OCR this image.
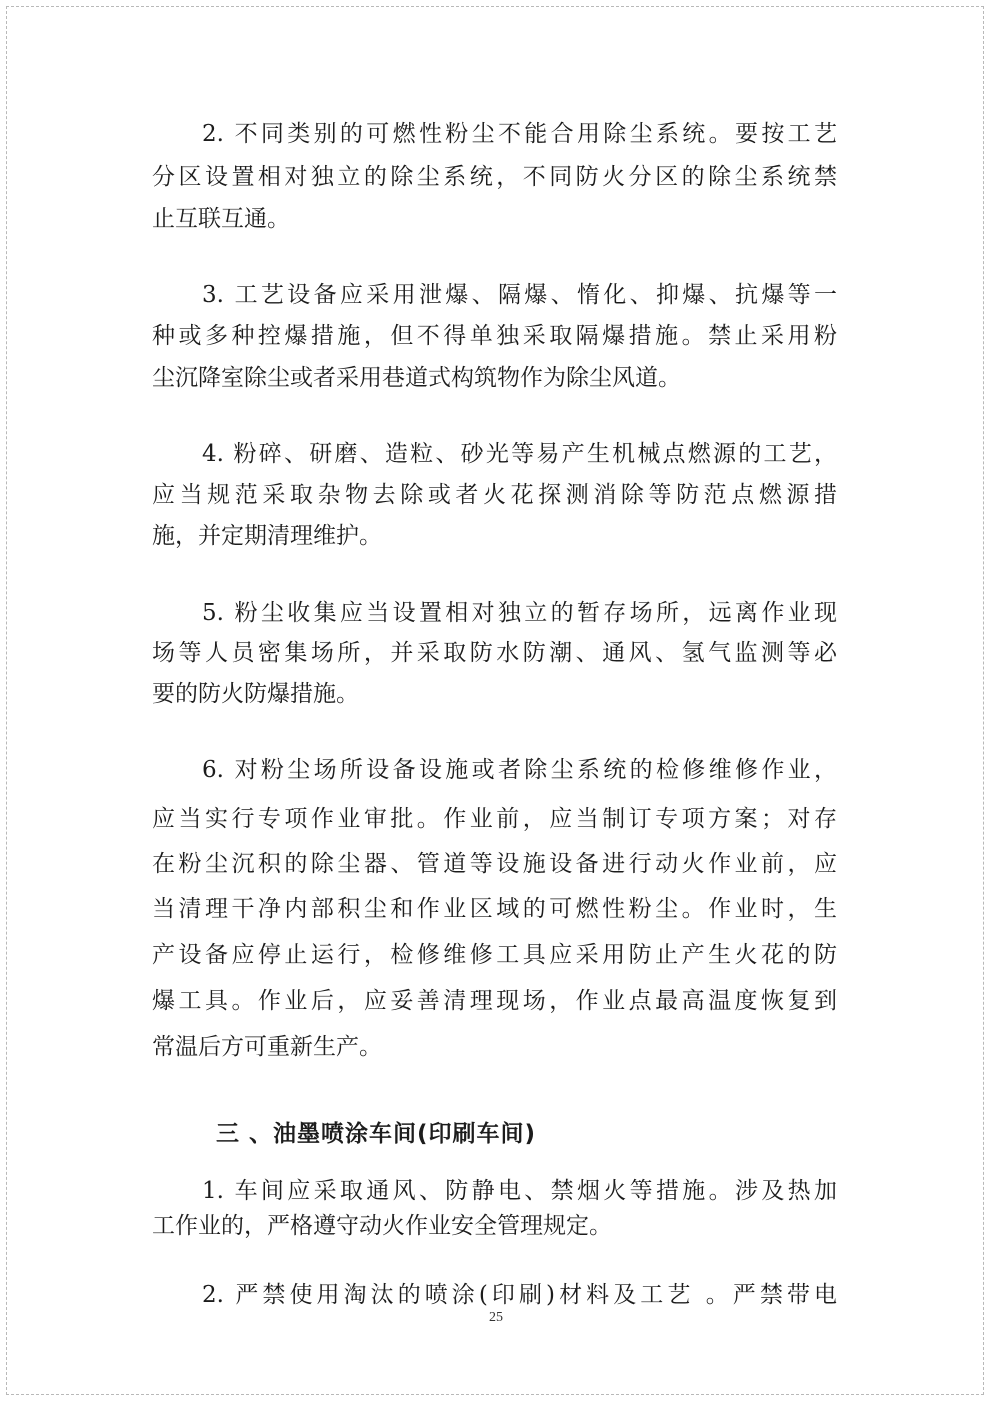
2. 不同类别的可燃性粉尘不能合用除尘系统。要按工艺
分区设置相对独立的除尘系统，不同防火分区的除尘系统禁
止互联互通。
3. 工艺设备应采用泄爆、隔爆、惰化、抑爆、抗爆等一
种或多种控爆措施，但不得单独采取隔爆措施。禁止采用粉
尘沉降室除尘或者采用巷道式构筑物作为除尘风道。
4. 粉碎、研磨、造粒、砂光等易产生机械点燃源的工艺，
应当规范采取杂物去除或者火花探测消除等防范点燃源措
施，并定期清理维护。
5. 粉尘收集应当设置相对独立的暂存场所，远离作业现
场等人员密集场所，并采取防水防潮、通风、氢气监测等必
要的防火防爆措施。
6. 对粉尘场所设备设施或者除尘系统的检修维修作业，
应当实行专项作业审批。作业前，应当制订专项方案；对存
在粉尘沉积的除尘器、管道等设施设备进行动火作业前，应
当清理干净内部积尘和作业区域的可燃性粉尘。作业时，生
产设备应停止运行，检修维修工具应采用防止产生火花的防
爆工具。作业后，应妥善清理现场，作业点最高温度恢复到
常温后方可重新生产。
三 、油墨喷涂车间(印刷车间)
1. 车间应采取通风、防静电、禁烟火等措施。涉及热加
工作业的，严格遵守动火作业安全管理规定。
2. 严禁使用淘汰的喷涂(印刷)材料及工艺 。严禁带电
25
